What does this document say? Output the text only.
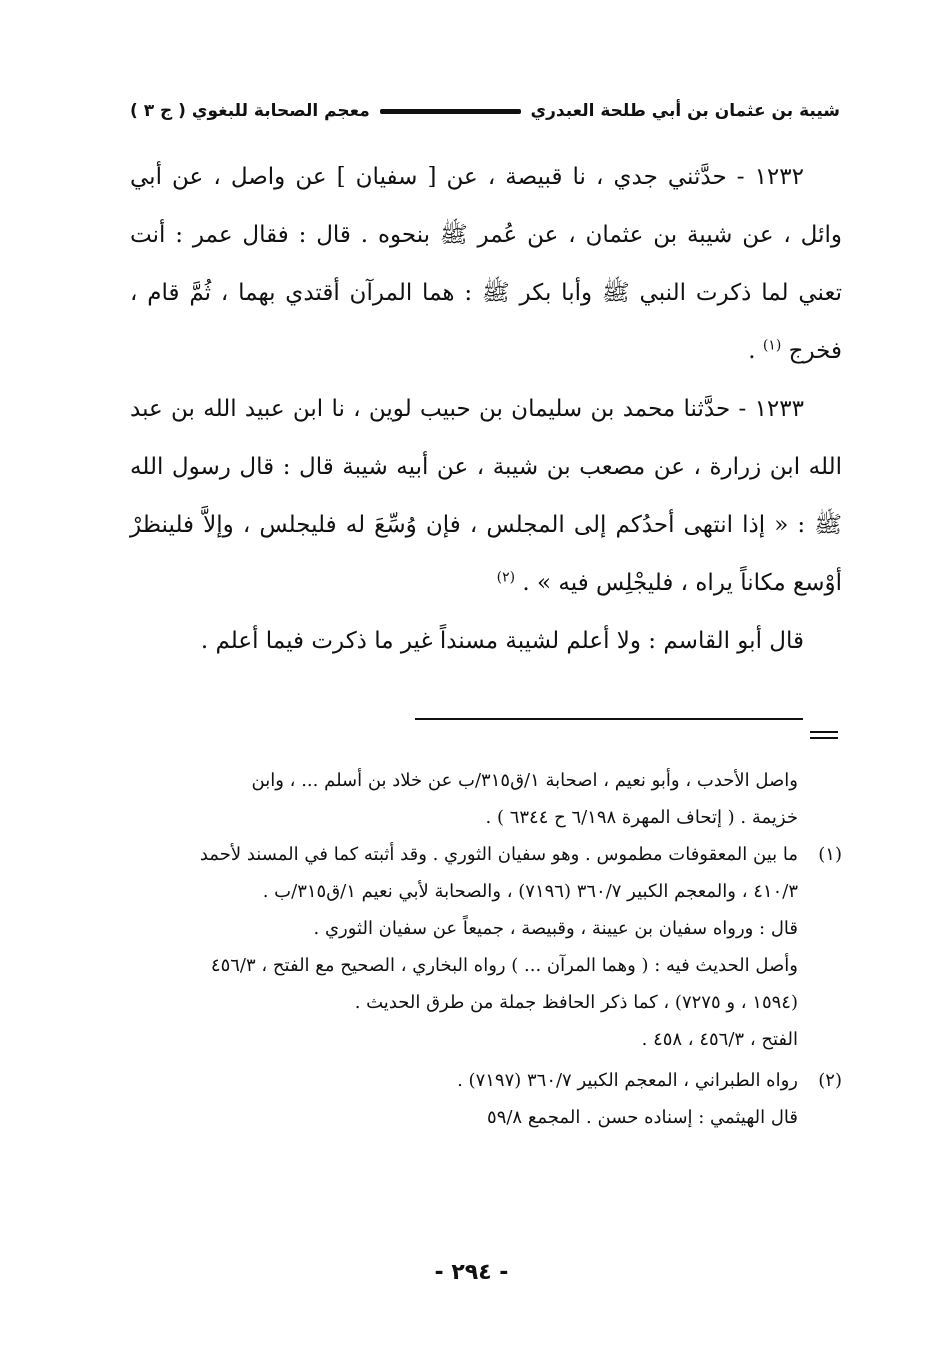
شيبة بن عثمان بن أبي طلحة العبدري
معجم الصحابة للبغوي ( ج ٣ )

١٢٣٢ - حدَّثني جدي ، نا قبيصة ، عن [ سفيان ] عن واصل ، عن أبي وائل ، عن شيبة بن عثمان ، عن عُمر ﷺ بنحوه . قال : فقال عمر : أنت تعني لما ذكرت النبي ﷺ وأبا بكر ﷺ : هما المرآن أقتدي بهما ، ثُمَّ قام ، فخرج $^{(١)}$ .

١٢٣٣ - حدَّثنا محمد بن سليمان بن حبيب لوين ، نا ابن عبيد الله بن عبد الله ابن زرارة ، عن مصعب بن شيبة ، عن أبيه شيبة قال : قال رسول الله ﷺ : « إذا انتهى أحدُكم إلى المجلس ، فإن وُسِّعَ له فليجلس ، وإلاَّ فلينظرْ أوْسع مكاناً يراه ، فليجْلِس فيه » . $^{(٢)}$

قال أبو القاسم : ولا أعلم لشيبة مسنداً غير ما ذكرت فيما أعلم .

واصل الأحدب ، وأبو نعيم ، اصحابة ١/ق٣١٥/ب عن خلاد بن أسلم ... ، وابن
خزيمة . ( إتحاف المهرة ٦/١٩٨ ح ٦٣٤٤ ) .
(١)
ما بين المعقوفات مطموس . وهو سفيان الثوري . وقد أثبته كما في المسند لأحمد
٤١٠/٣ ، والمعجم الكبير ٣٦٠/٧ (٧١٩٦) ، والصحابة لأبي نعيم ١/ق٣١٥/ب .
قال : ورواه سفيان بن عيينة ، وقبيصة ، جميعاً عن سفيان الثوري .
وأصل الحديث فيه : ( وهما المرآن ... ) رواه البخاري ، الصحيح مع الفتح ، ٤٥٦/٣
(١٥٩٤ ، و ٧٢٧٥) ، كما ذكر الحافظ جملة من طرق الحديث .
الفتح ، ٤٥٦/٣ ، ٤٥٨ .
(٢)
رواه الطبراني ، المعجم الكبير ٣٦٠/٧ (٧١٩٧) .
قال الهيثمي : إسناده حسن . المجمع ٥٩/٨
- ٢٩٤ -
